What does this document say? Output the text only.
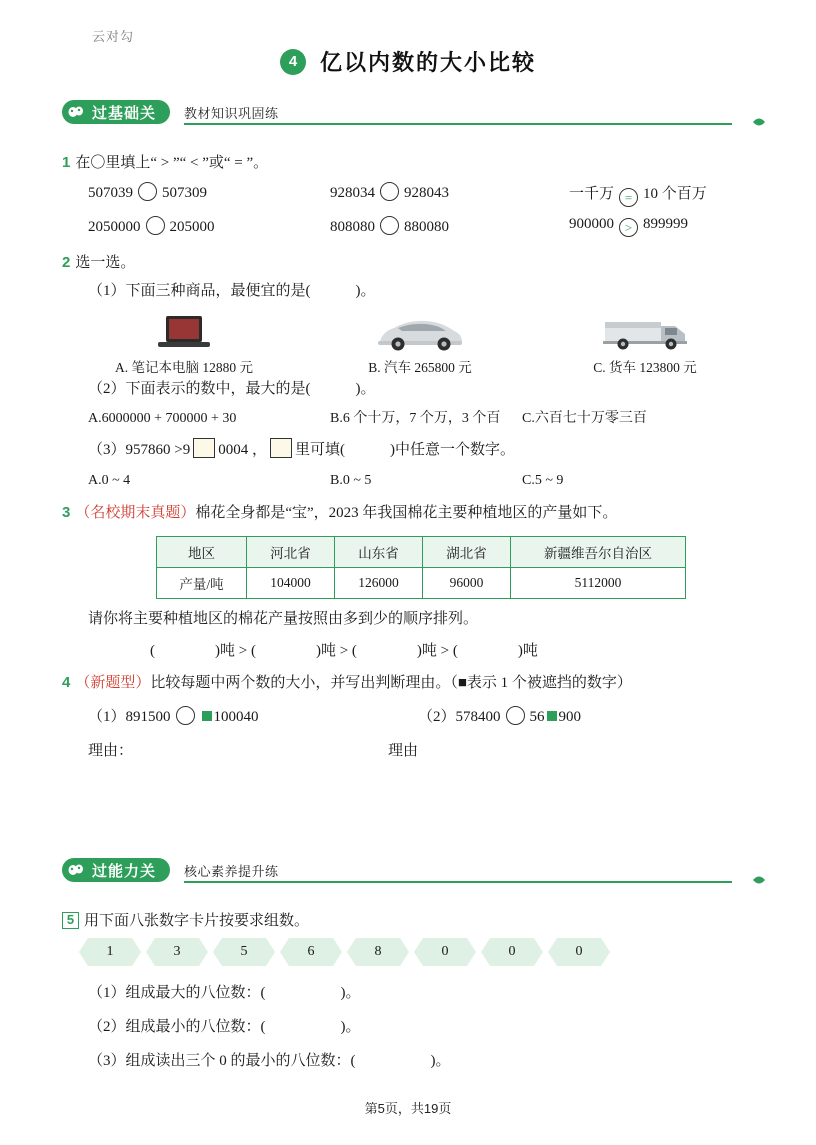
云对勾
4	亿以内数的大小比较
过基础关 教材知识巩固练
1 在〇里填上“ > ”“ < ”或“ = ”。
507039 507309	928034 928043	一千万 = 10 个百万
2050000 205000	808080 880080	900000 > 899999
2 选一选。
（1）下面三种商品，最便宜的是(　　　)。
A. 笔记本电脑 12880 元	B. 汽车 265800 元	C. 货车 123800 元
（2）下面表示的数中，最大的是(　　　)。
A.6000000 + 700000 + 30	B.6 个十万，7 个万，3 个百 C.六百七十万零三百
（3）957860 >9 0004 ， 里可填(　　　)中任意一个数字。
A.0 ~ 4	B.0 ~ 5	C.5 ~ 9
3 （名校期末真题）棉花全身都是“宝”，2023 年我国棉花主要种植地区的产量如下。
地区	河北省	山东省	湖北省	新疆维吾尔自治区
产量/吨	104000	126000	96000	5112000
请你将主要种植地区的棉花产量按照由多到少的顺序排列。
(　　　　)吨 > (　　　　)吨 > (　　　　)吨 > (　　　　)吨
4 （新题型）比较每题中两个数的大小，并写出判断理由。（■表示 1 个被遮挡的数字）
（1）891500	100040	（2）578400 56 900
理由：	理由
过能力关 核心素养提升练
5 用下面八张数字卡片按要求组数。
1	3	5	6	8	0	0	0
（1）组成最大的八位数：(　　　　　)。
（2）组成最小的八位数：(　　　　　)。
（3）组成读出三个 0 的最小的八位数：(　　　　　)。
第5页，共19页
